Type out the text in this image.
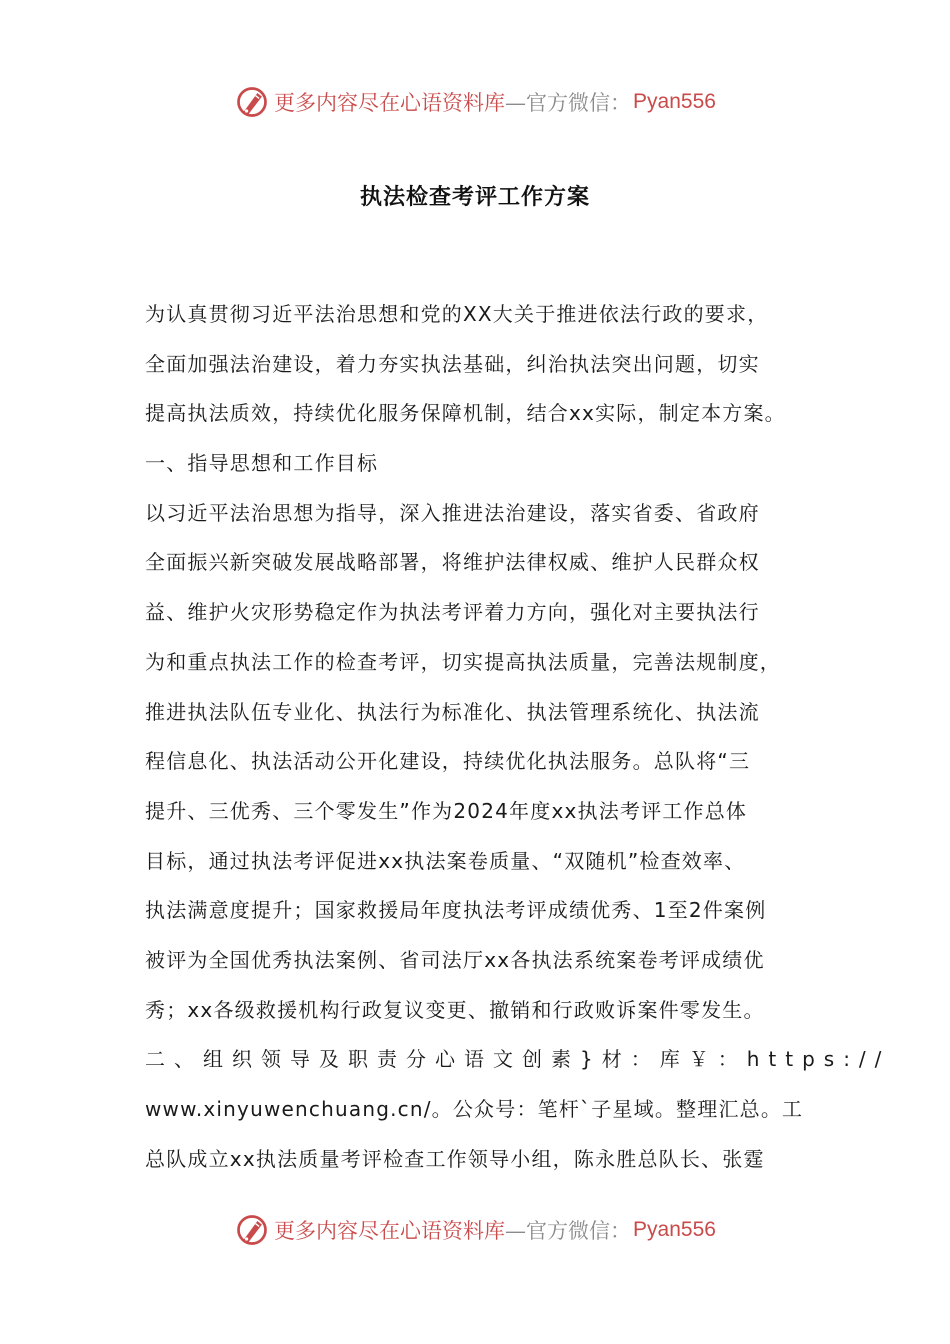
更多内容尽在心语资料库 —官方微信： Pyan556
执法检查考评工作方案
为认真贯彻习近平法治思想和党的XX大关于推进依法行政的要求，
全面加强法治建设，着力夯实执法基础，纠治执法突出问题，切实
提高执法质效，持续优化服务保障机制，结合xx实际，制定本方案。
一、指导思想和工作目标
以习近平法治思想为指导，深入推进法治建设，落实省委、省政府
全面振兴新突破发展战略部署，将维护法律权威、维护人民群众权
益、维护火灾形势稳定作为执法考评着力方向，强化对主要执法行
为和重点执法工作的检查考评，切实提高执法质量，完善法规制度，
推进执法队伍专业化、执法行为标准化、执法管理系统化、执法流
程信息化、执法活动公开化建设，持续优化执法服务。总队将“三
提升、三优秀、三个零发生”作为2024年度xx执法考评工作总体
目标，通过执法考评促进xx执法案卷质量、“双随机”检查效率、
执法满意度提升；国家救援局年度执法考评成绩优秀、1至2件案例
被评为全国优秀执法案例、省司法厅xx各执法系统案卷考评成绩优
秀；xx各级救援机构行政复议变更、撤销和行政败诉案件零发生。
二、组织领导及职责分心语文创素}材：库￥：https://
www.xinyuwenchuang.cn/。公众号：笔杆`子星域。整理汇总。工
总队成立xx执法质量考评检查工作领导小组，陈永胜总队长、张霆
更多内容尽在心语资料库 —官方微信： Pyan556
